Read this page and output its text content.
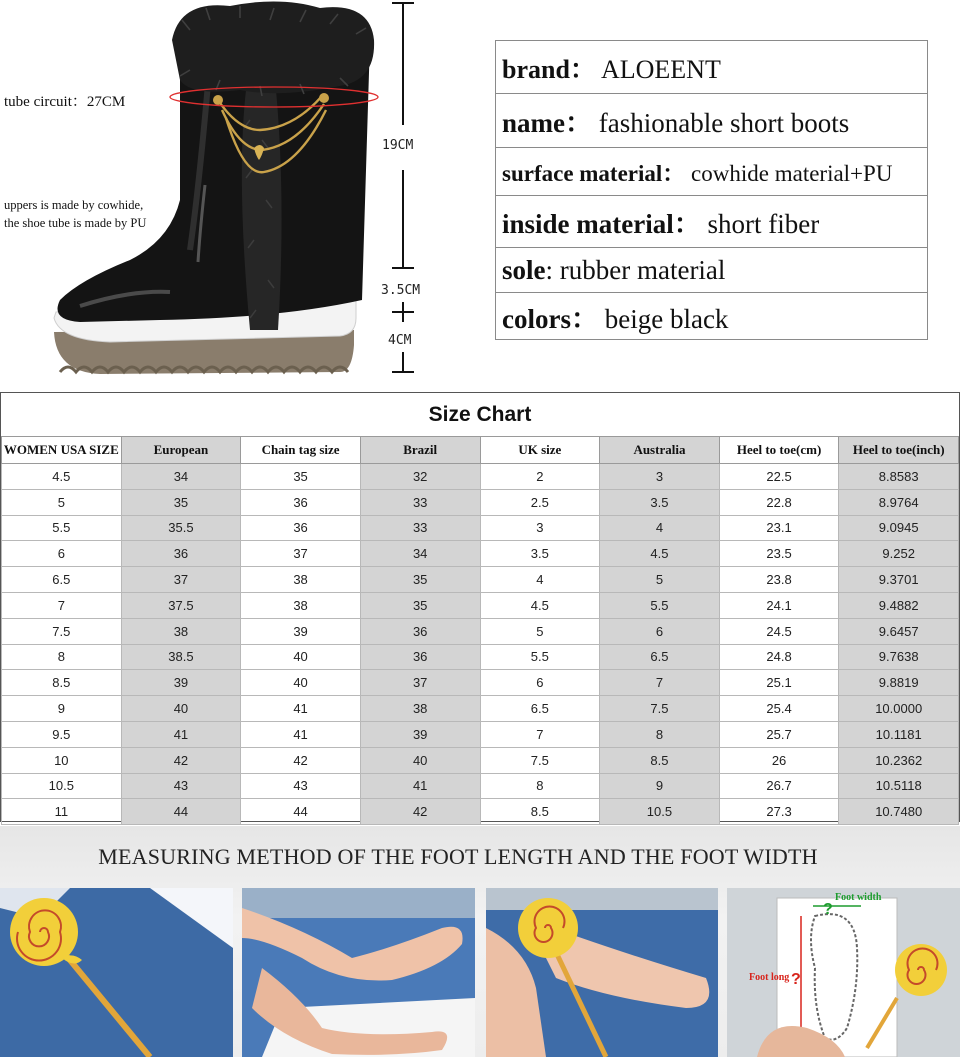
tube circuit：27CM
uppers is made by cowhide,
the shoe tube is made by PU
19CM
3.5CM
4CM
brand： ALOEENT
name： fashionable short boots
surface material： cowhide material+PU
inside material： short fiber
sole: rubber material
colors： beige black
Size Chart
WOMEN USA SIZE	European	Chain tag size	Brazil	UK size	Australia	Heel to toe(cm)	Heel to toe(inch)
4.5	34	35	32	2	3	22.5	8.8583
5	35	36	33	2.5	3.5	22.8	8.9764
5.5	35.5	36	33	3	4	23.1	9.0945
6	36	37	34	3.5	4.5	23.5	9.252
6.5	37	38	35	4	5	23.8	9.3701
7	37.5	38	35	4.5	5.5	24.1	9.4882
7.5	38	39	36	5	6	24.5	9.6457
8	38.5	40	36	5.5	6.5	24.8	9.7638
8.5	39	40	37	6	7	25.1	9.8819
9	40	41	38	6.5	7.5	25.4	10.0000
9.5	41	41	39	7	8	25.7	10.1181
10	42	42	40	7.5	8.5	26	10.2362
10.5	43	43	41	8	9	26.7	10.5118
11	44	44	42	8.5	10.5	27.3	10.7480
MEASURING METHOD OF THE FOOT LENGTH AND THE FOOT WIDTH
?
?
Foot width
Foot long
